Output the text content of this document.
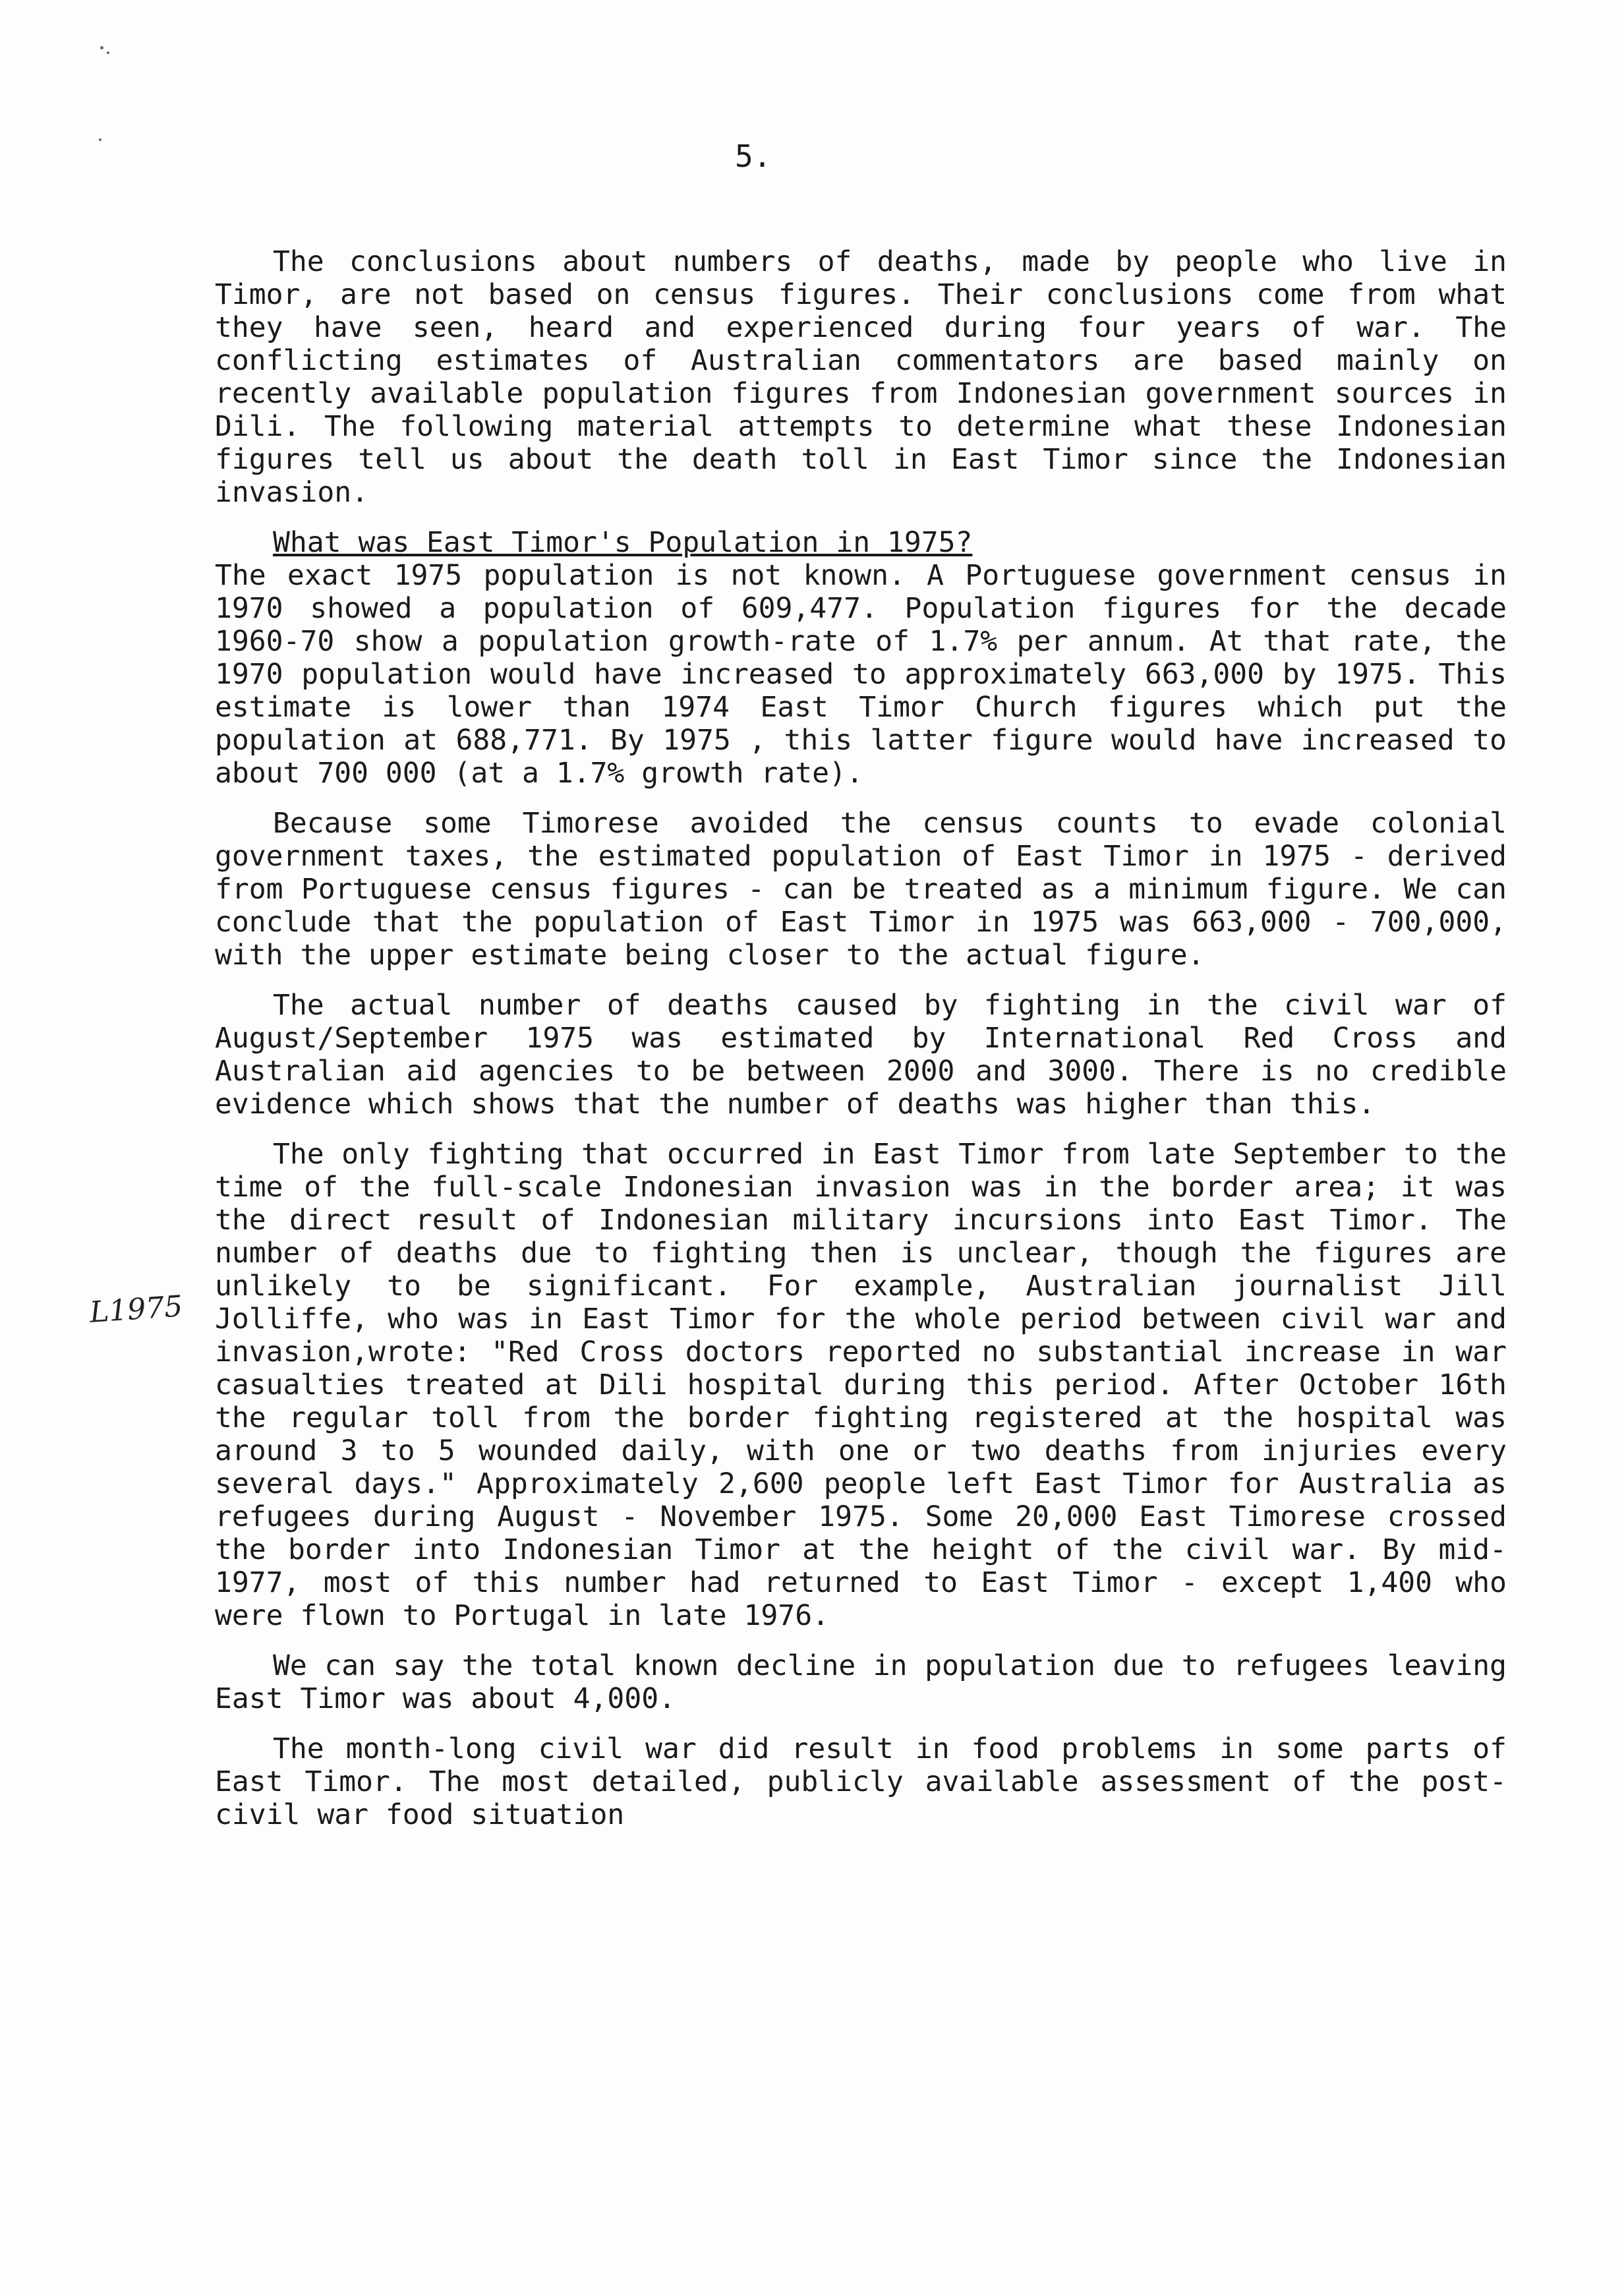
5.
L1975

The conclusions about numbers of deaths, made by people who live in Timor, are not based on census figures. Their conclusions come from what they have seen, heard and experienced during four years of war. The conflicting estimates of Australian commentators are based mainly on recently available population figures from Indonesian government sources in Dili. The following material attempts to determine what these Indonesian figures tell us about the death toll in East Timor since the Indonesian invasion.

What was East Timor's Population in 1975?

The exact 1975 population is not known. A Portuguese government census in 1970 showed a population of 609,477. Population figures for the decade 1960-70 show a population growth-rate of 1.7% per annum. At that rate, the 1970 population would have increased to approximately 663,000 by 1975. This estimate is lower than 1974 East Timor Church figures which put the population at 688,771. By 1975 , this latter figure would have increased to about 700 000 (at a 1.7% growth rate).

Because some Timorese avoided the census counts to evade colonial government taxes, the estimated population of East Timor in 1975 - derived from Portuguese census figures - can be treated as a minimum figure. We can conclude that the population of East Timor in 1975 was 663,000 - 700,000, with the upper estimate being closer to the actual figure.

The actual number of deaths caused by fighting in the civil war of August/September 1975 was estimated by International Red Cross and Australian aid agencies to be between 2000 and 3000. There is no credible evidence which shows that the number of deaths was higher than this.

The only fighting that occurred in East Timor from late September to the time of the full-scale Indonesian invasion was in the border area; it was the direct result of Indonesian military incursions into East Timor. The number of deaths due to fighting then is unclear, though the figures are unlikely to be significant. For example, Australian journalist Jill Jolliffe, who was in East Timor for the whole period between civil war and invasion,wrote: "Red Cross doctors reported no substantial increase in war casualties treated at Dili hospital during this period. After October 16th the regular toll from the border fighting registered at the hospital was around 3 to 5 wounded daily, with one or two deaths from injuries every several days." Approximately 2,600 people left East Timor for Australia as refugees during August - November 1975. Some 20,000 East Timorese crossed the border into Indonesian Timor at the height of the civil war. By mid-1977, most of this number had returned to East Timor - except 1,400 who were flown to Portugal in late 1976.

We can say the total known decline in population due to refugees leaving East Timor was about 4,000.

The month-long civil war did result in food problems in some parts of East Timor. The most detailed, publicly available assessment of the post-civil war food situation
